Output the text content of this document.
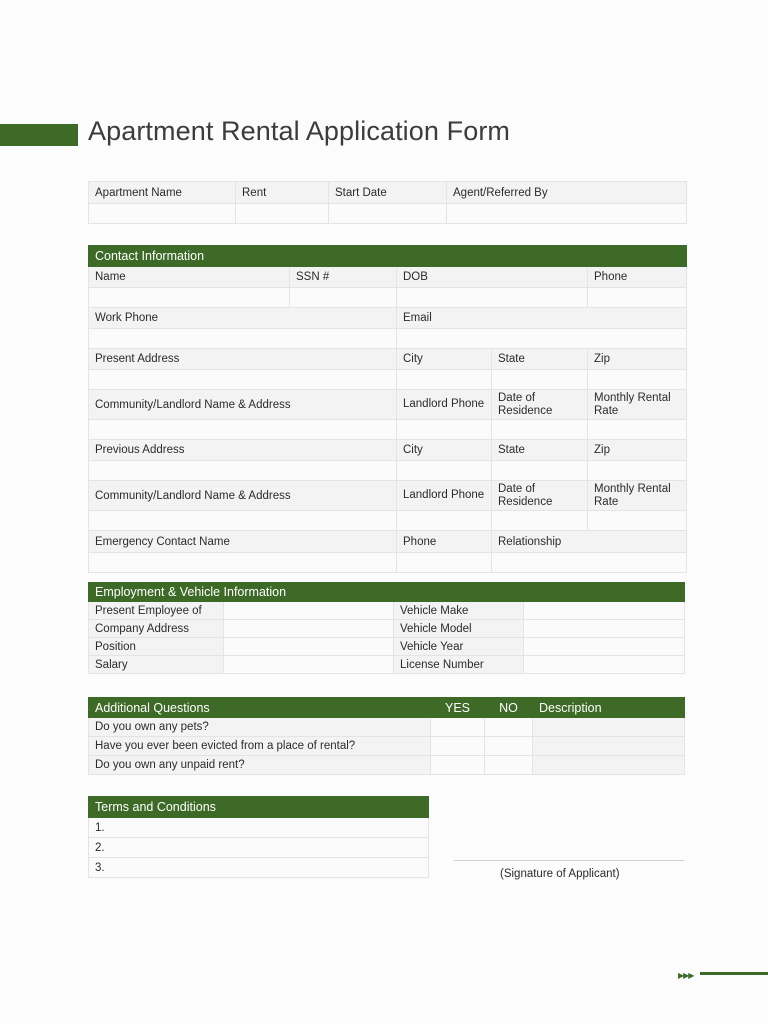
Apartment Rental Application Form
Apartment Name	Rent	Start Date	Agent/Referred By

Contact Information				
Name	SSN #	DOB		Phone

Work Phone		Email		

Present Address		City	State	Zip

Community/Landlord Name & Address		Landlord Phone	Date of Residence	Monthly Rental Rate

Previous Address		City	State	Zip

Community/Landlord Name & Address		Landlord Phone	Date of Residence	Monthly Rental Rate

Emergency Contact Name		Phone	Relationship	

Employment & Vehicle Information			
Present Employee of		Vehicle Make	
Company Address		Vehicle Model	
Position		Vehicle Year	
Salary		License Number	
Additional Questions	YES	NO	Description
Do you own any pets?			
Have you ever been evicted from a place of rental?			
Do you own any unpaid rent?			
Terms and Conditions
1.
2.
3.
(Signature of Applicant)
▶▶▶
